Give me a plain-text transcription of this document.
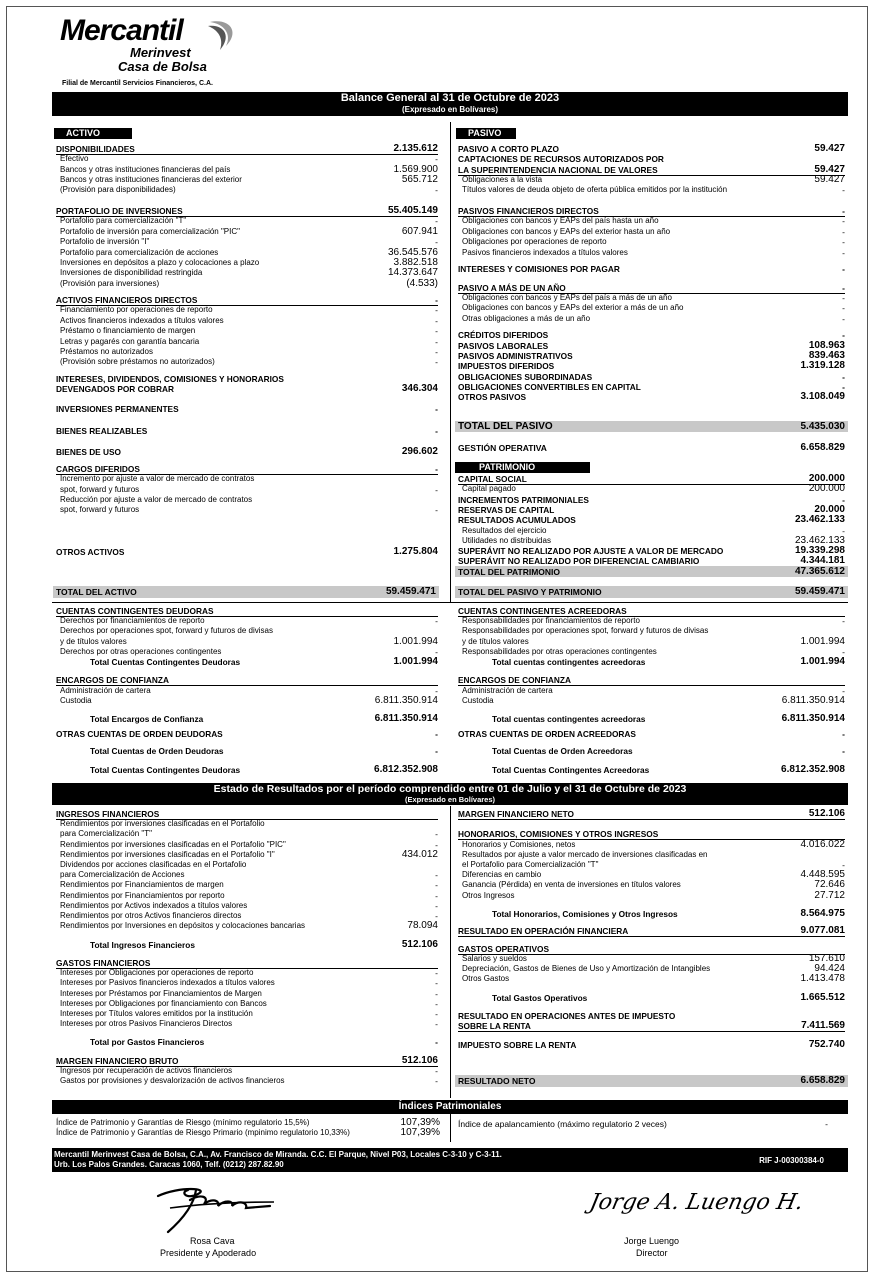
Mercantil
Merinvest
Casa de Bolsa
Filial de Mercantil Servicios Financieros, C.A.
Balance General al 31 de Octubre de 2023
(Expresado en Bolívares)
ACTIVO	PASIVO
DISPONIBILIDADES	2.135.612
Efectivo	-
Bancos y otras instituciones financieras del país	1.569.900
Bancos y otras instituciones financieras del exterior	565.712
(Provisión para disponibilidades)	-
PORTAFOLIO DE INVERSIONES	55.405.149
Portafolio para comercialización "T"	-
Portafolio de inversión para comercialización "PIC"	607.941
Portafolio de inversión "I"	-
Portafolio para comercialización de acciones	36.545.576
Inversiones en depósitos a plazo y colocaciones a plazo	3.882.518
Inversiones de disponibilidad restringida	14.373.647
(Provisión para inversiones)	(4.533)
ACTIVOS FINANCIEROS DIRECTOS	-
Financiamiento por operaciones de reporto	-
Activos financieros indexados a títulos valores	-
Préstamo o financiamiento de margen	-
Letras y pagarés con garantía bancaria	-
Préstamos no autorizados	-
(Provisión sobre préstamos no autorizados)	-
INTERESES, DIVIDENDOS, COMISIONES Y HONORARIOS
DEVENGADOS POR COBRAR	346.304
INVERSIONES PERMANENTES	-
BIENES REALIZABLES	-
BIENES DE USO	296.602
CARGOS DIFERIDOS	-
Incremento por ajuste a valor de mercado de contratos
spot, forward y futuros	-
Reducción por ajuste a valor de mercado de contratos
spot, forward y futuros	-
OTROS ACTIVOS	1.275.804
PASIVO A CORTO PLAZO	59.427
CAPTACIONES DE RECURSOS AUTORIZADOS POR
LA SUPERINTENDENCIA NACIONAL DE VALORES	59.427
Obligaciones a la vista	59.427
Títulos valores de deuda objeto de oferta pública emitidos por la institución	-
PASIVOS FINANCIEROS DIRECTOS	-
Obligaciones con bancos y EAPs del país hasta un año	-
Obligaciones con bancos y EAPs del exterior hasta un año	-
Obligaciones por operaciones de reporto	-
Pasivos financieros indexados a títulos valores	-
INTERESES Y COMISIONES POR PAGAR	-
PASIVO A MÁS DE UN AÑO	-
Obligaciones con bancos y EAPs del país a más de un año	-
Obligaciones con bancos y EAPs del exterior a más de un año	-
Otras obligaciones a más de un año	-
CRÉDITOS DIFERIDOS	-
PASIVOS LABORALES	108.963
PASIVOS ADMINISTRATIVOS	839.463
IMPUESTOS DIFERIDOS	1.319.128
OBLIGACIONES SUBORDINADAS	-
OBLIGACIONES CONVERTIBLES EN CAPITAL	-
OTROS PASIVOS	3.108.049
TOTAL DEL PASIVO	5.435.030
GESTIÓN OPERATIVA	6.658.829
PATRIMONIO
CAPITAL SOCIAL	200.000
Capital pagado	200.000
INCREMENTOS PATRIMONIALES	-
RESERVAS DE CAPITAL	20.000
RESULTADOS ACUMULADOS	23.462.133
Resultados del ejercicio	-
Utilidades no distribuidas	23.462.133
SUPERÁVIT NO REALIZADO POR AJUSTE A VALOR DE MERCADO	19.339.298
SUPERÁVIT NO REALIZADO POR DIFERENCIAL CAMBIARIO	4.344.181
TOTAL DEL PATRIMONIO	47.365.612
TOTAL DEL ACTIVO	59.459.471	TOTAL DEL PASIVO Y PATRIMONIO	59.459.471
CUENTAS CONTINGENTES DEUDORAS
Derechos por financiamientos de reporto	-
Derechos por operaciones spot, forward y futuros de divisas
y de títulos valores	1.001.994
Derechos por otras operaciones contingentes	-
Total Cuentas Contingentes Deudoras	1.001.994
ENCARGOS DE CONFIANZA
Administración de cartera	-
Custodia	6.811.350.914
Total Encargos de Confianza	6.811.350.914
OTRAS CUENTAS DE ORDEN DEUDORAS	-
Total Cuentas de Orden Deudoras	-
Total Cuentas Contingentes Deudoras	6.812.352.908
CUENTAS CONTINGENTES ACREEDORAS
Responsabilidades por financiamientos de reporto	-
Responsabilidades por operaciones spot, forward y futuros de divisas
y de títulos valores	1.001.994
Responsabilidades por otras operaciones contingentes	-
Total cuentas contingentes acreedoras	1.001.994
ENCARGOS DE CONFIANZA
Administración de cartera	-
Custodia	6.811.350.914
Total cuentas contingentes acreedoras	6.811.350.914
OTRAS CUENTAS DE ORDEN ACREEDORAS	-
Total Cuentas de Orden Acreedoras	-
Total Cuentas Contingentes Acreedoras	6.812.352.908
Estado de Resultados por el período comprendido entre 01 de Julio y el 31 de Octubre de 2023
(Expresado en Bolívares)
INGRESOS FINANCIEROS
Rendimientos por inversiones clasificadas en el Portafolio
para Comercialización "T"	-
Rendimientos por inversiones clasificadas en el Portafolio "PIC"	-
Rendimientos por inversiones clasificadas en el Portafolio "I"	434.012
Dividendos por acciones clasificadas en el Portafolio
para Comercialización de Acciones	-
Rendimientos por Financiamientos de margen	-
Rendimientos por Financiamientos por reporto	-
Rendimientos por Activos indexados a títulos valores	-
Rendimientos por otros Activos financieros directos	-
Rendimientos por Inversiones en depósitos y colocaciones bancarias	78.094
Total Ingresos Financieros	512.106
GASTOS FINANCIEROS
Intereses por Obligaciones por operaciones de reporto	-
Intereses por Pasivos financieros indexados a títulos valores	-
Intereses por Préstamos por Financiamientos de Margen	-
Intereses por Obligaciones por financiamiento con Bancos	-
Intereses por Títulos valores emitidos por la institución	-
Intereses por otros Pasivos Financieros Directos	-
Total por Gastos Financieros	-
MARGEN FINANCIERO BRUTO	512.106
Ingresos por recuperación de activos financieros	-
Gastos por provisiones y desvalorización de activos financieros	-
MARGEN FINANCIERO NETO	512.106
HONORARIOS, COMISIONES Y OTROS INGRESOS
Honorarios y Comisiones, netos	4.016.022
Resultados por ajuste a valor mercado de inversiones clasificadas en
el Portafolio para Comercialización "T"	-
Diferencias en cambio	4.448.595
Ganancia (Pérdida) en venta de inversiones en títulos valores	72.646
Otros Ingresos	27.712
Total Honorarios, Comisiones y Otros Ingresos	8.564.975
RESULTADO EN OPERACIÓN FINANCIERA	9.077.081
GASTOS OPERATIVOS
Salarios y sueldos	157.610
Depreciación, Gastos de Bienes de Uso y Amortización de Intangibles	94.424
Otros Gastos	1.413.478
Total Gastos Operativos	1.665.512
RESULTADO EN OPERACIONES ANTES DE IMPUESTO
SOBRE LA RENTA	7.411.569
IMPUESTO SOBRE LA RENTA	752.740
RESULTADO NETO	6.658.829
Índices Patrimoniales
Índice de Patrimonio y Garantías de Riesgo (mínimo regulatorio 15,5%)	107,39%
Índice de Patrimonio y Garantías de Riesgo Primario (mpinimo regulatorio 10,33%)	107,39%
Índice de apalancamiento (máximo regulatorio 2 veces)	-
Mercantil Merinvest Casa de Bolsa, C.A., Av. Francisco de Miranda. C.C. El Parque, Nivel P03, Locales C-3-10 y C-3-11.
Urb. Los Palos Grandes. Caracas 1060, Telf. (0212) 287.82.90	RIF J-00300384-0
Rosa Cava
Presidente y Apoderado
Jorge A. Luengo H.
Jorge Luengo
Director
